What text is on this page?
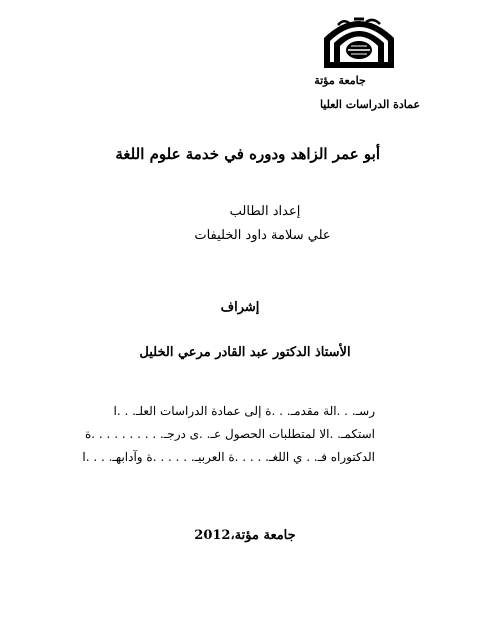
جامعة مؤتة
عمادة الدراسات العليا
أبو عمر الزاهد ودوره في خدمة علوم اللغة
إعداد الطالب
علي سلامة داود الخليفات
إشراف
الأستاذ الدكتور عبد القادر مرعي الخليل
رسـ. . .الة مقدمـ. . .ة إلى عمادة الدراسات العلـ. . .ا
استكمـ. .الا لمتطلبات الحصول عـ. .ى درجـ. . . . . . . . . .ة
الدكتوراه فـ. . ي اللغـ. . . . .ة العربيـ. . . . . .ة وآدابهـ. . . .ا
جامعة مؤتة،2012
